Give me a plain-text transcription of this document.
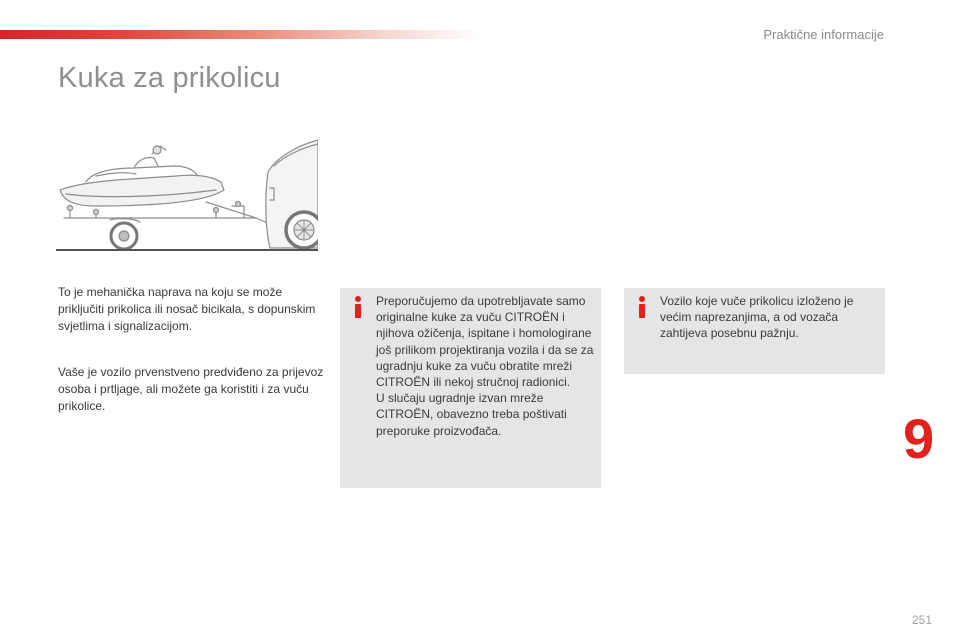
Praktične informacije
Kuka za prikolicu

To je mehanička naprava na koju se može priključiti prikolica ili nosač bicikala, s dopunskim svjetlima i signalizacijom.

Vaše je vozilo prvenstveno predviđeno za prijevoz osoba i prtljage, ali možete ga koristiti i za vuču prikolice.

Preporučujemo da upotrebljavate samo originalne kuke za vuču CITROËN i njihova ožičenja, ispitane i homologirane još prilikom projektiranja vozila i da se za ugradnju kuke za vuču obratite mreži CITROËN ili nekoj stručnoj radionici.
U slučaju ugradnje izvan mreže CITROËN, obavezno treba poštivati preporuke proizvođača.

Vozilo koje vuče prikolicu izloženo je većim naprezanjima, a od vozača zahtijeva posebnu pažnju.

9
251
